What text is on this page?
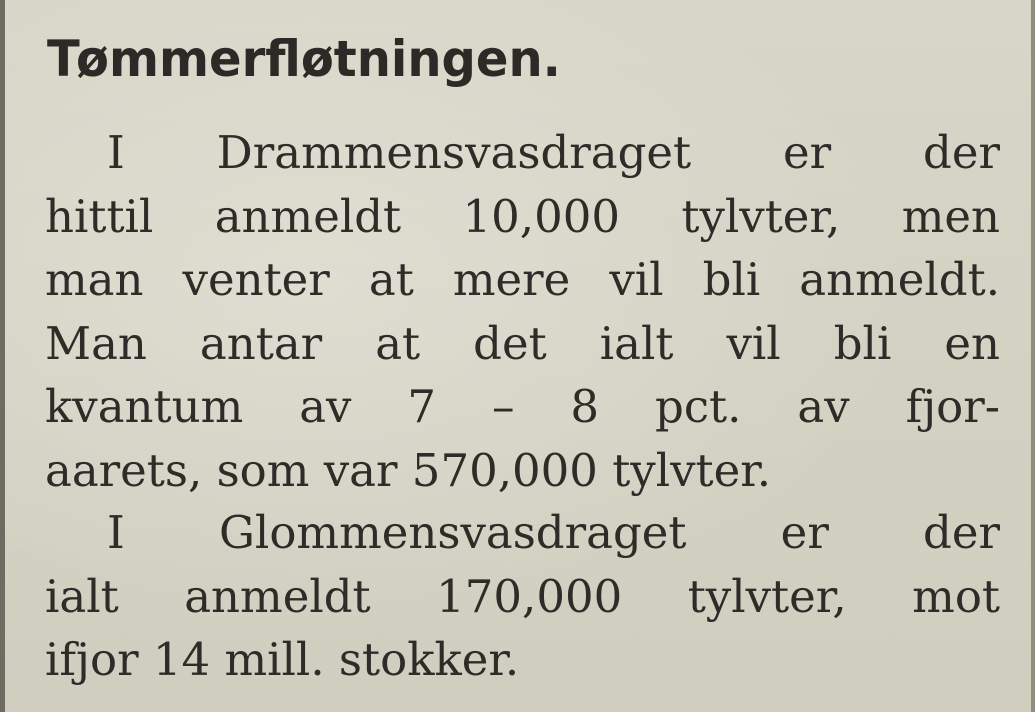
Tømmerfløtningen.

I Drammensvasdraget er der
hittil anmeldt 10,000 tylvter, men
man venter at mere vil bli anmeldt.
Man antar at det ialt vil bli en
kvantum av 7 – 8 pct. av fjor-
aarets, som var 570,000 tylvter.

I Glommensvasdraget er der
ialt anmeldt 170,000 tylvter, mot
ifjor 14 mill. stokker.
